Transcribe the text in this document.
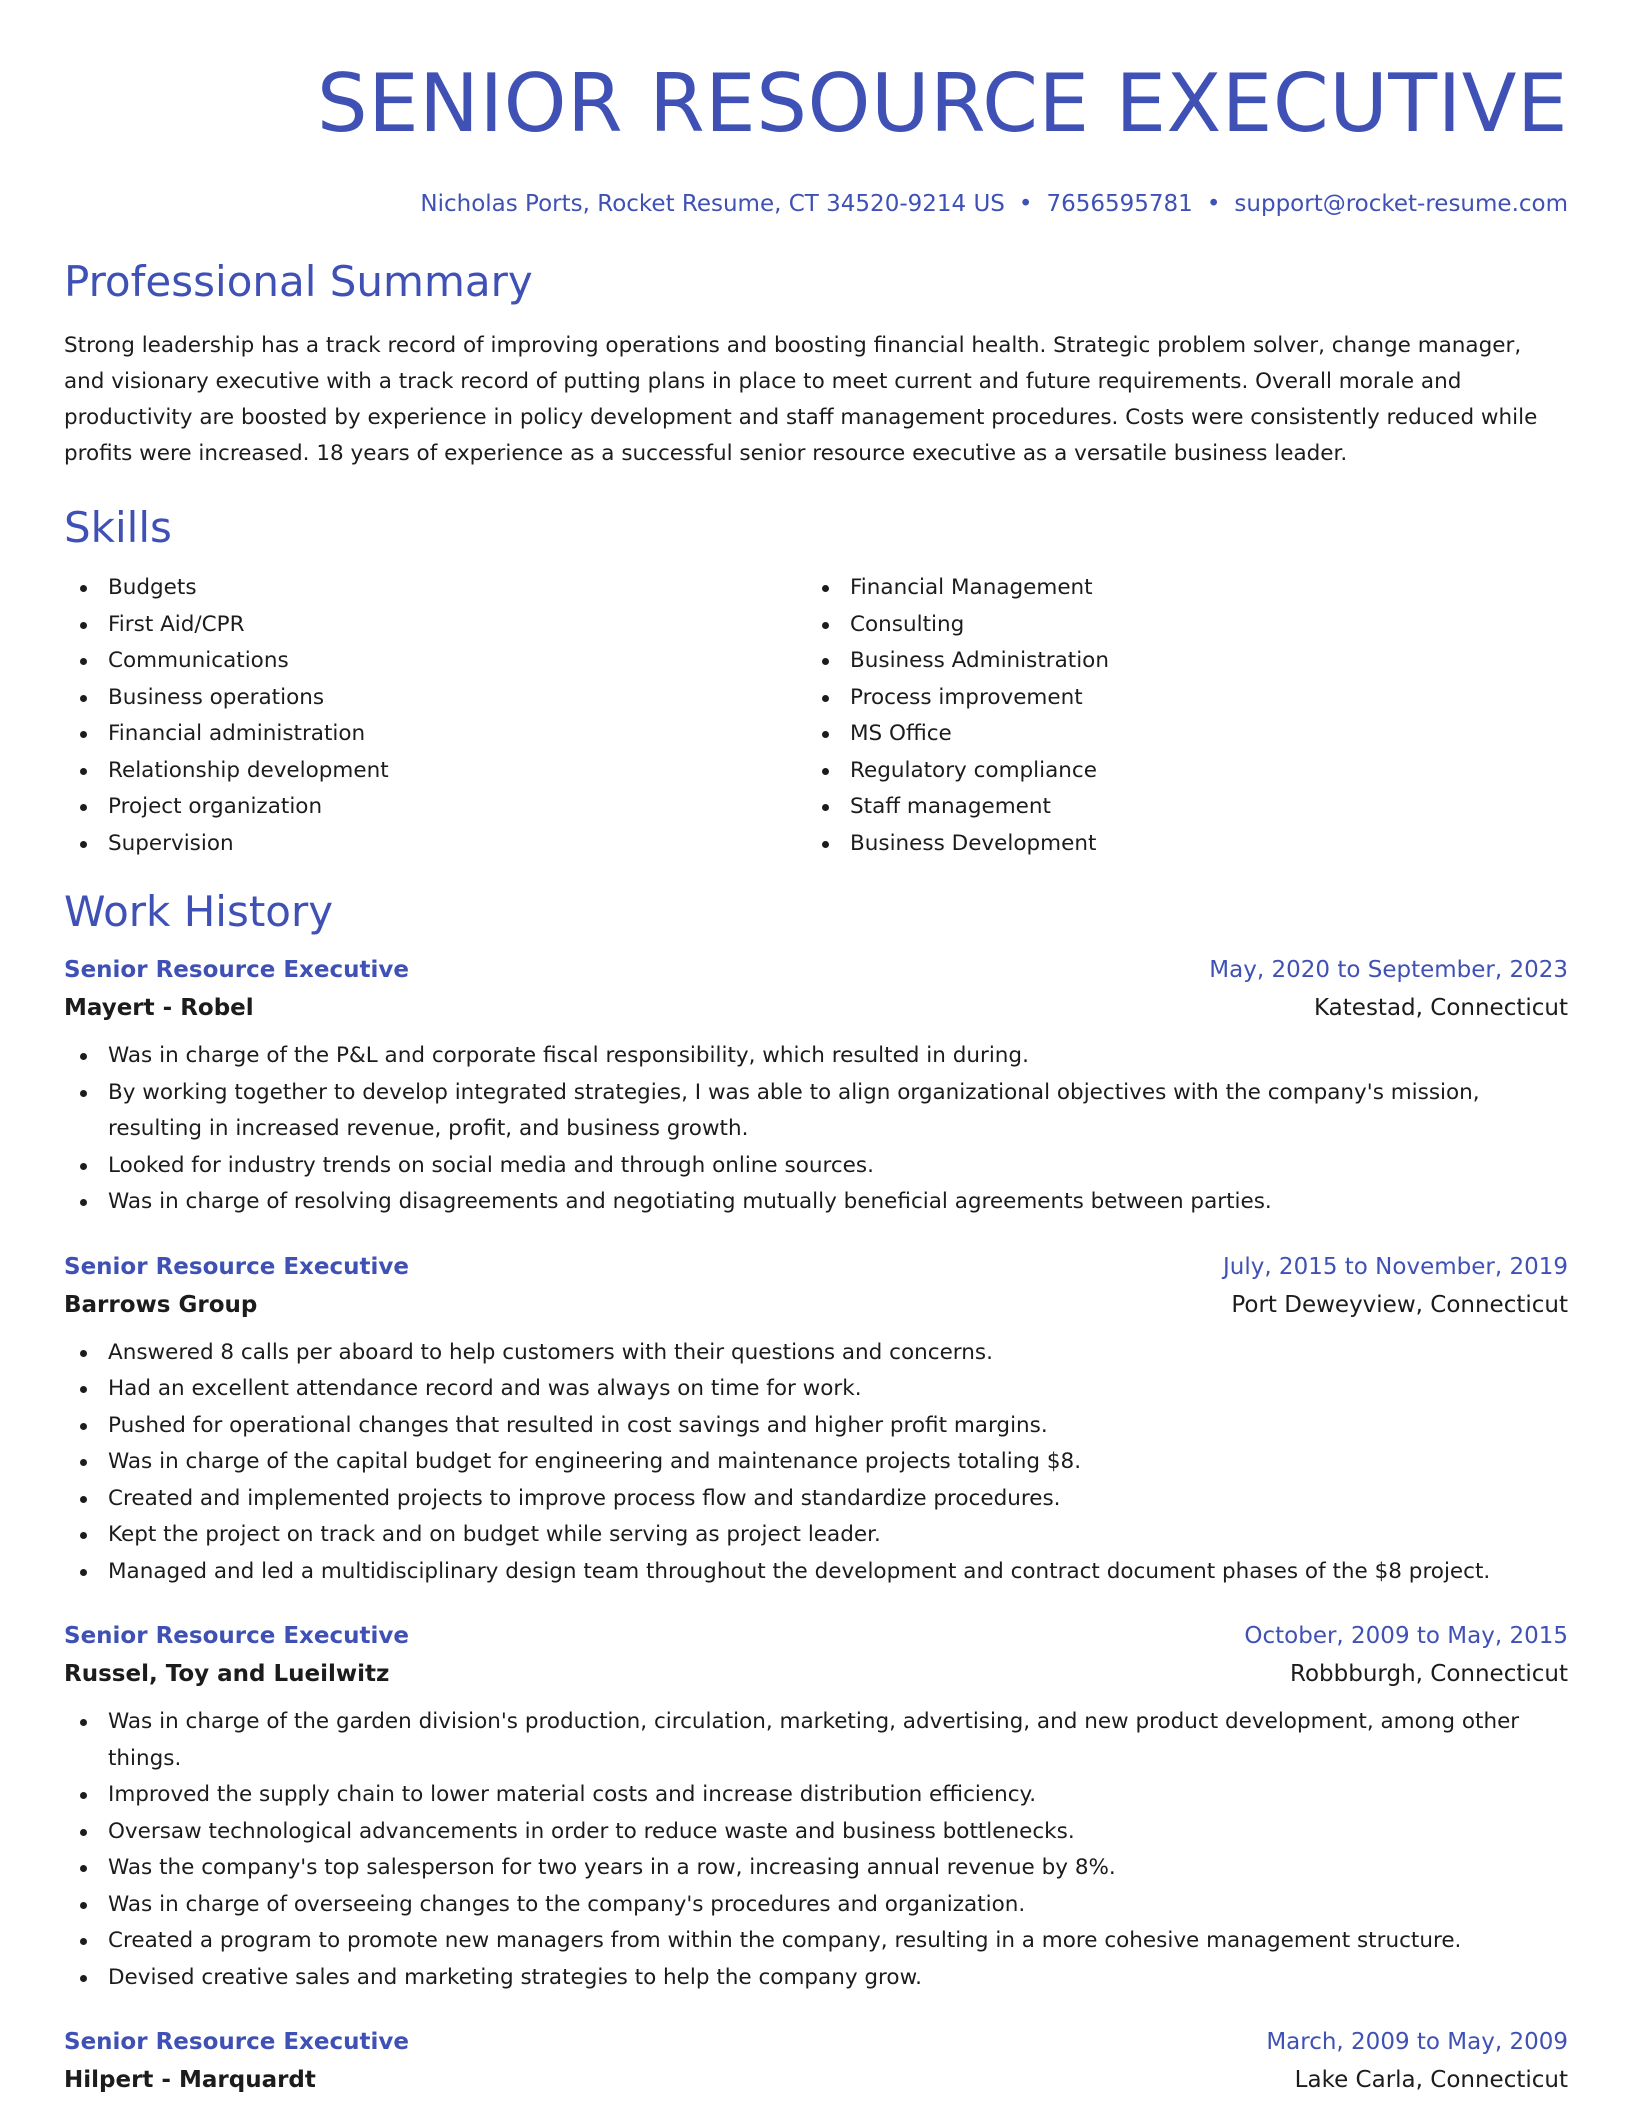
SENIOR RESOURCE EXECUTIVE
Nicholas Ports, Rocket Resume, CT 34520-9214 US • 7656595781 • support@rocket-resume.com
Professional Summary

Strong leadership has a track record of improving operations and boosting financial health. Strategic problem solver, change manager, and visionary executive with a track record of putting plans in place to meet current and future requirements. Overall morale and productivity are boosted by experience in policy development and staff management procedures. Costs were consistently reduced while profits were increased. 18 years of experience as a successful senior resource executive as a versatile business leader.

Skills
Budgets
First Aid/CPR
Communications
Business operations
Financial administration
Relationship development
Project organization
Supervision
Financial Management
Consulting
Business Administration
Process improvement
MS Office
Regulatory compliance
Staff management
Business Development
Work History
Senior Resource Executive	May, 2020 to September, 2023
Mayert - Robel	Katestad, Connecticut
Was in charge of the P&L and corporate fiscal responsibility, which resulted in during.
By working together to develop integrated strategies, I was able to align organizational objectives with the company's mission, resulting in increased revenue, profit, and business growth.
Looked for industry trends on social media and through online sources.
Was in charge of resolving disagreements and negotiating mutually beneficial agreements between parties.
Senior Resource Executive	July, 2015 to November, 2019
Barrows Group	Port Deweyview, Connecticut
Answered 8 calls per aboard to help customers with their questions and concerns.
Had an excellent attendance record and was always on time for work.
Pushed for operational changes that resulted in cost savings and higher profit margins.
Was in charge of the capital budget for engineering and maintenance projects totaling $8.
Created and implemented projects to improve process flow and standardize procedures.
Kept the project on track and on budget while serving as project leader.
Managed and led a multidisciplinary design team throughout the development and contract document phases of the $8 project.
Senior Resource Executive	October, 2009 to May, 2015
Russel, Toy and Lueilwitz	Robbburgh, Connecticut
Was in charge of the garden division's production, circulation, marketing, advertising, and new product development, among other things.
Improved the supply chain to lower material costs and increase distribution efficiency.
Oversaw technological advancements in order to reduce waste and business bottlenecks.
Was the company's top salesperson for two years in a row, increasing annual revenue by 8%.
Was in charge of overseeing changes to the company's procedures and organization.
Created a program to promote new managers from within the company, resulting in a more cohesive management structure.
Devised creative sales and marketing strategies to help the company grow.
Senior Resource Executive	March, 2009 to May, 2009
Hilpert - Marquardt	Lake Carla, Connecticut
